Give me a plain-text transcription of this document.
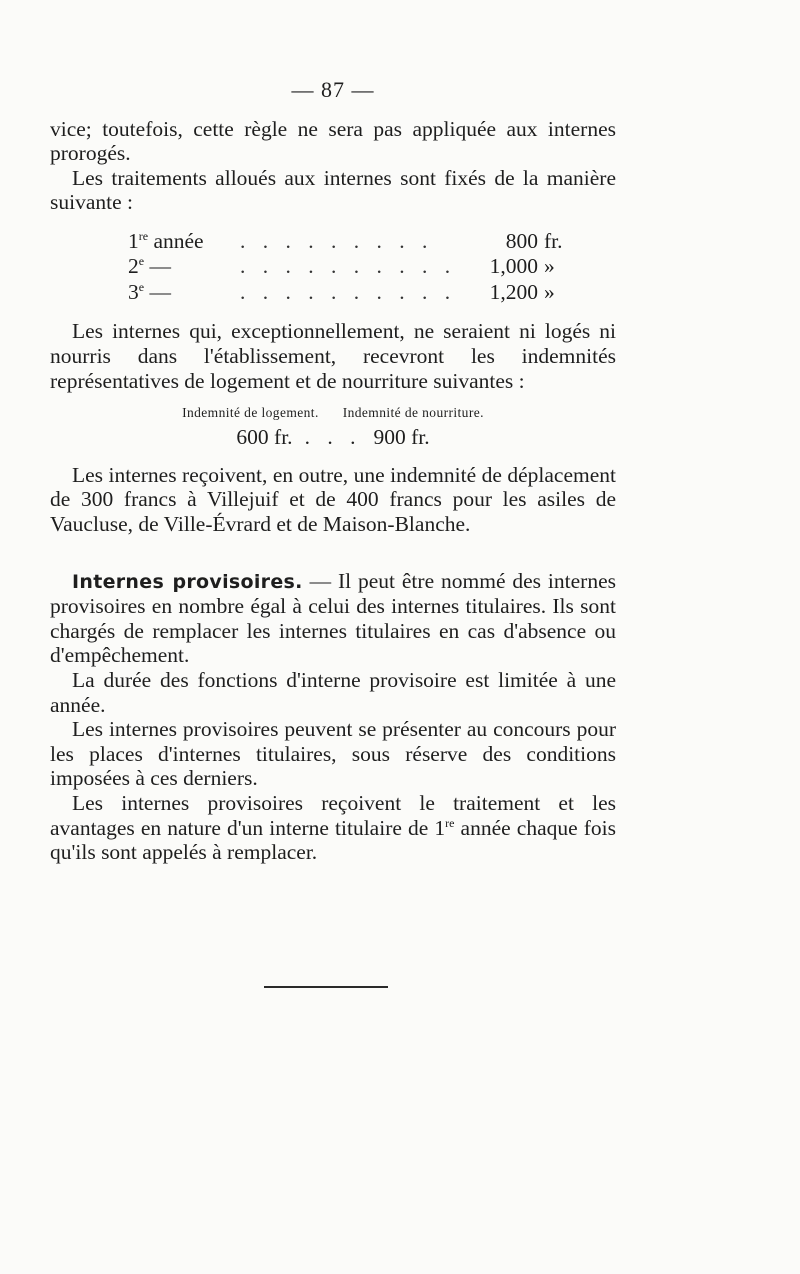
— 87 —

vice; toutefois, cette règle ne sera pas appliquée aux internes prorogés.

Les traitements alloués aux internes sont fixés de la manière suivante :

1re année	. . . . . . . . .	800	fr.
2e —	. . . . . . . . . .	1,000	»
3e —	. . . . . . . . . .	1,200	»

Les internes qui, exceptionnellement, ne seraient ni logés ni nourris dans l'établissement, recevront les indemnités représentatives de logement et de nourriture suivantes :

Indemnité de logement. Indemnité de nourriture.
600 fr. . . . 900 fr.

Les internes reçoivent, en outre, une indemnité de déplacement de 300 francs à Villejuif et de 400 francs pour les asiles de Vaucluse, de Ville-Évrard et de Maison-Blanche.

Internes provisoires. — Il peut être nommé des internes provisoires en nombre égal à celui des internes titulaires. Ils sont chargés de remplacer les internes titulaires en cas d'absence ou d'empêchement.

La durée des fonctions d'interne provisoire est limitée à une année.

Les internes provisoires peuvent se présenter au concours pour les places d'internes titulaires, sous réserve des conditions imposées à ces derniers.

Les internes provisoires reçoivent le traitement et les avantages en nature d'un interne titulaire de 1re année chaque fois qu'ils sont appelés à remplacer.
